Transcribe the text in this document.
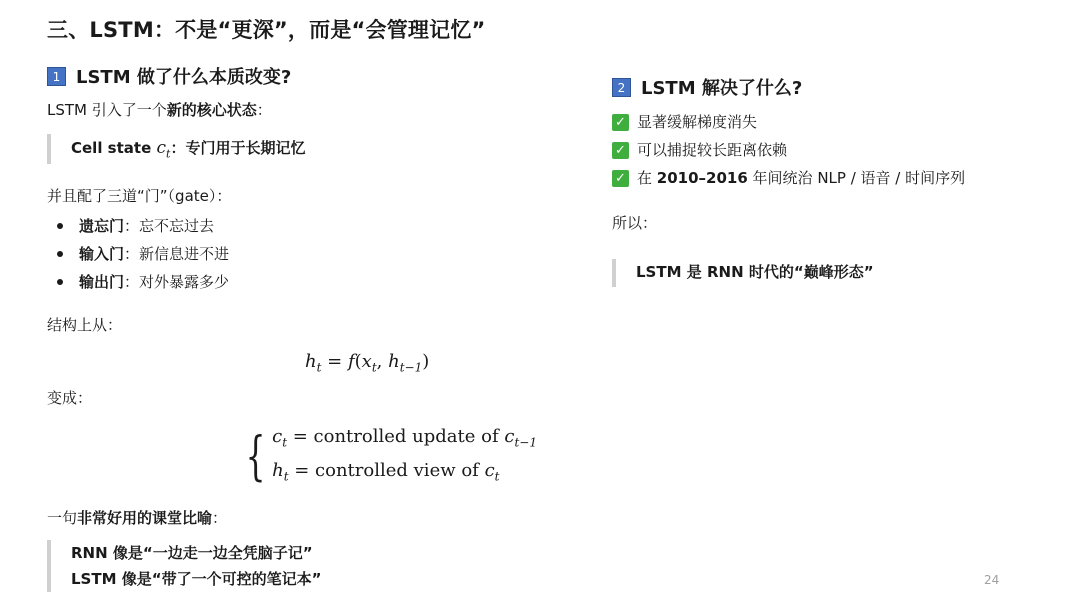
三、LSTM：不是“更深”，而是“会管理记忆”
1 LSTM 做了什么本质改变?
LSTM 引入了一个新的核心状态：
Cell state $c_t$：专门用于长期记忆
并且配了三道“门”（gate）：
遗忘门 ：忘不忘过去
输入门 ：新信息进不进
输出门 ：对外暴露多少
结构上从：
$h_t = f(x_t$, $h_{t-1}$)
变成：
{ $c_t$ = controlled update of $c_{t-1}$
$h_t$ = controlled view of $c_t$
一句非常好用的课堂比喻：
RNN 像是“一边走一边全凭脑子记”
LSTM 像是“带了一个可控的笔记本”
2 LSTM 解决了什么?
✓ 显著缓解梯度消失
✓ 可以捕捉较长距离依赖
✓ 在 2010–2016 年间统治 NLP / 语音 / 时间序列
所以：
LSTM 是 RNN 时代的“巅峰形态”
24
